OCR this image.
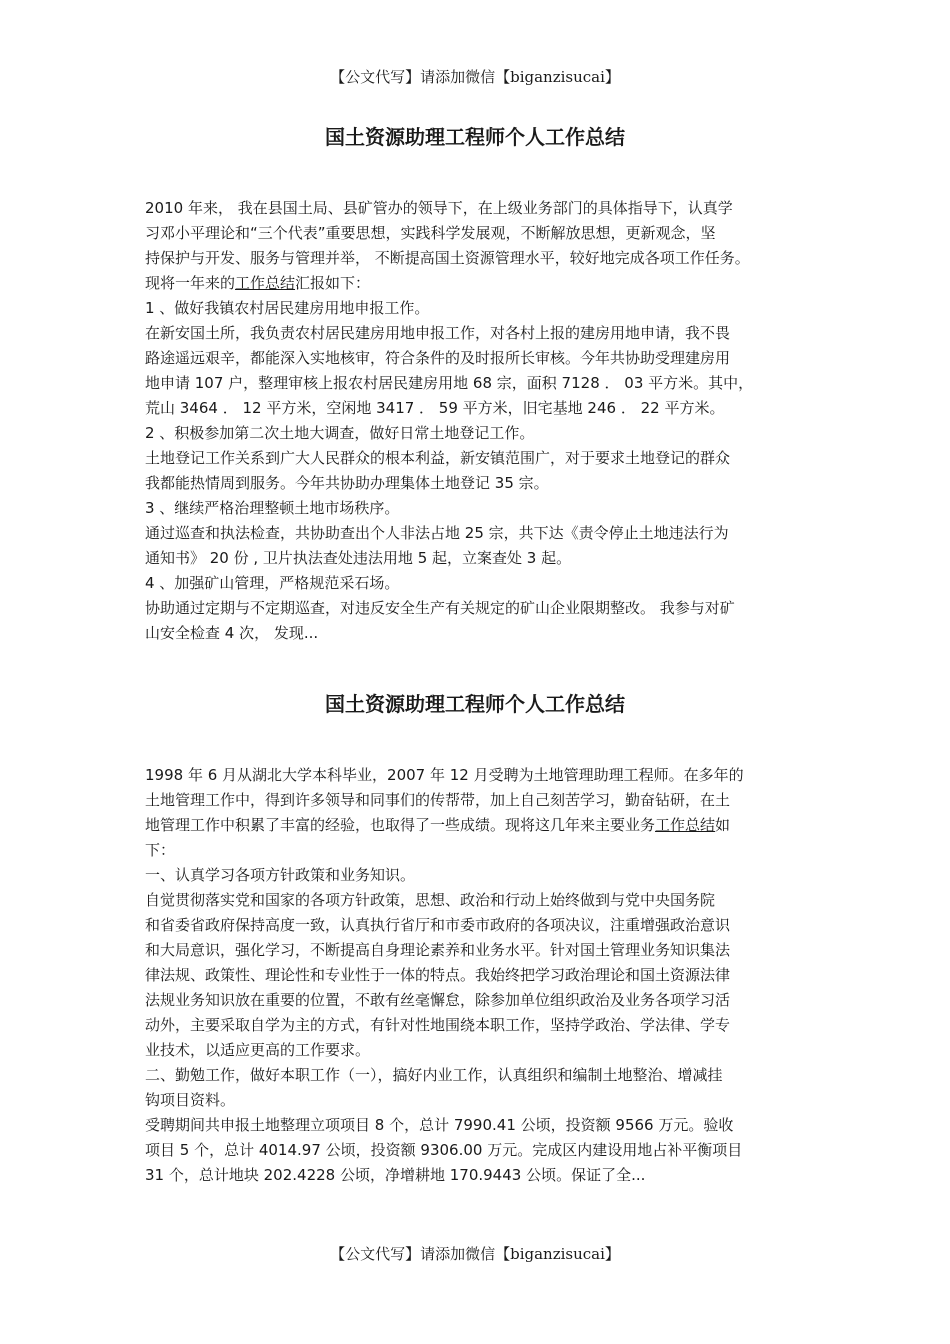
【公文代写】请添加微信【biganzisucai】
国土资源助理工程师个人工作总结
2010 年来， 我在县国土局、县矿管办的领导下，在上级业务部门的具体指导下，认真学
习邓小平理论和“三个代表”重要思想，实践科学发展观，不断解放思想，更新观念，坚
持保护与开发、服务与管理并举， 不断提高国土资源管理水平，较好地完成各项工作任务。
现将一年来的工作总结汇报如下：
1 、做好我镇农村居民建房用地申报工作。
在新安国土所，我负责农村居民建房用地申报工作，对各村上报的建房用地申请，我不畏
路途遥远艰辛，都能深入实地核审，符合条件的及时报所长审核。今年共协助受理建房用
地申请 107 户，整理审核上报农村居民建房用地 68 宗，面积 7128 ． 03 平方米。其中，
荒山 3464 ． 12 平方米，空闲地 3417 ． 59 平方米，旧宅基地 246 ． 22 平方米。
2 、积极参加第二次土地大调查，做好日常土地登记工作。
土地登记工作关系到广大人民群众的根本利益，新安镇范围广，对于要求土地登记的群众
我都能热情周到服务。今年共协助办理集体土地登记 35 宗。
3 、继续严格治理整顿土地市场秩序。
通过巡查和执法检查，共协助查出个人非法占地 25 宗，共下达《责令停止土地违法行为
通知书》 20 份 , 卫片执法查处违法用地 5 起，立案查处 3 起。
4 、加强矿山管理，严格规范采石场。
协助通过定期与不定期巡查，对违反安全生产有关规定的矿山企业限期整改。 我参与对矿
山安全检查 4 次， 发现...
国土资源助理工程师个人工作总结
1998 年 6 月从湖北大学本科毕业，2007 年 12 月受聘为土地管理助理工程师。在多年的
土地管理工作中，得到许多领导和同事们的传帮带，加上自己刻苦学习，勤奋钻研，在土
地管理工作中积累了丰富的经验，也取得了一些成绩。现将这几年来主要业务工作总结如
下：
一、认真学习各项方针政策和业务知识。
自觉贯彻落实党和国家的各项方针政策，思想、政治和行动上始终做到与党中央国务院
和省委省政府保持高度一致，认真执行省厅和市委市政府的各项决议，注重增强政治意识
和大局意识，强化学习，不断提高自身理论素养和业务水平。针对国土管理业务知识集法
律法规、政策性、理论性和专业性于一体的特点。我始终把学习政治理论和国土资源法律
法规业务知识放在重要的位置，不敢有丝毫懈怠，除参加单位组织政治及业务各项学习活
动外，主要采取自学为主的方式，有针对性地围绕本职工作，坚持学政治、学法律、学专
业技术，以适应更高的工作要求。
二、勤勉工作，做好本职工作（一），搞好内业工作，认真组织和编制土地整治、增减挂
钩项目资料。
受聘期间共申报土地整理立项项目 8 个，总计 7990.41 公顷，投资额 9566 万元。验收
项目 5 个，总计 4014.97 公顷，投资额 9306.00 万元。完成区内建设用地占补平衡项目
31 个，总计地块 202.4228 公顷，净增耕地 170.9443 公顷。保证了全...
【公文代写】请添加微信【biganzisucai】
